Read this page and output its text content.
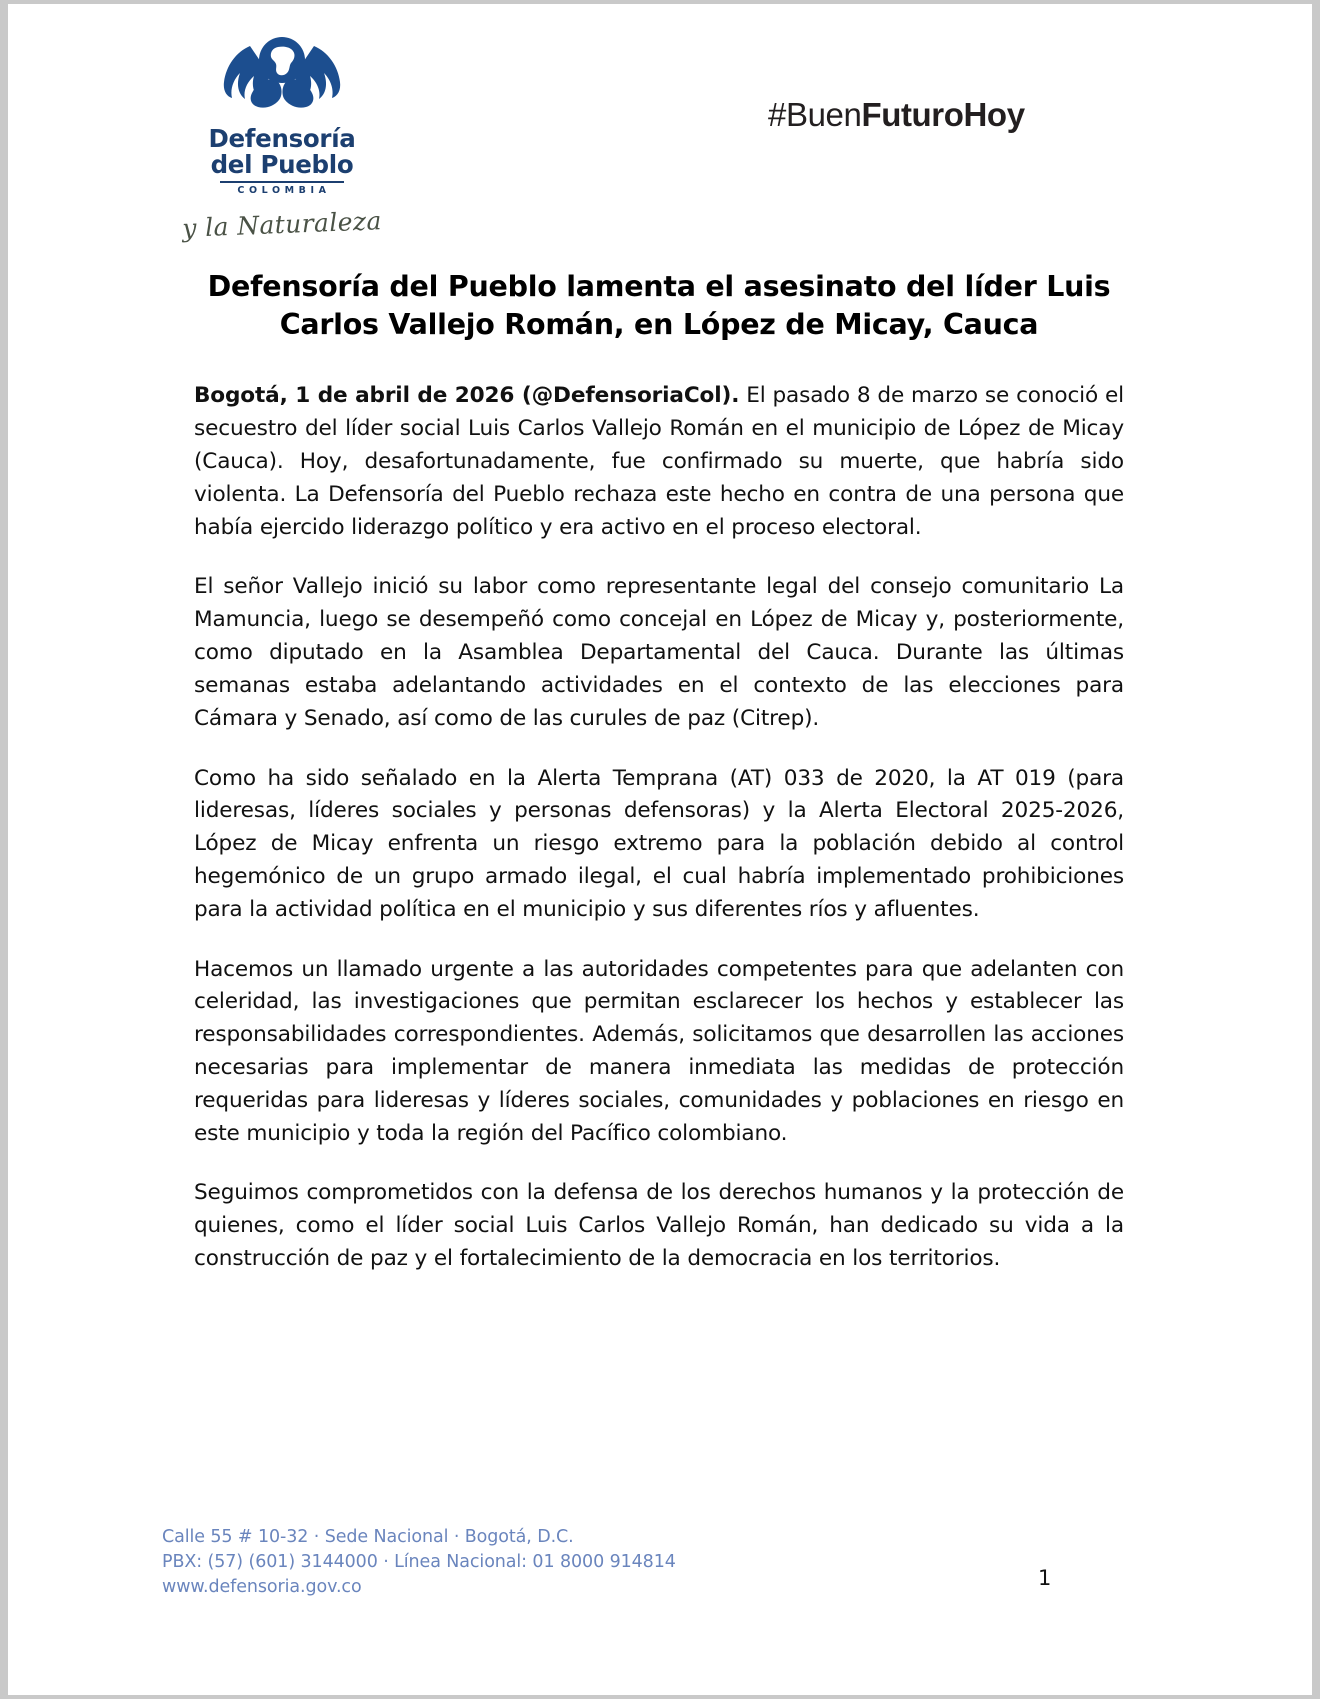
Defensoría
del Pueblo
COLOMBIA
y la Naturaleza
#BuenFuturoHoy
Defensoría del Pueblo lamenta el asesinato del líder Luis Carlos Vallejo Román, en López de Micay, Cauca

Bogotá, 1 de abril de 2026 (@DefensoriaCol). El pasado 8 de marzo se conoció el secuestro del líder social Luis Carlos Vallejo Román en el municipio de López de Micay (Cauca). Hoy, desafortunadamente, fue confirmado su muerte, que habría sido violenta. La Defensoría del Pueblo rechaza este hecho en contra de una persona que había ejercido liderazgo político y era activo en el proceso electoral.

El señor Vallejo inició su labor como representante legal del consejo comunitario La Mamuncia, luego se desempeñó como concejal en López de Micay y, posteriormente, como diputado en la Asamblea Departamental del Cauca. Durante las últimas semanas estaba adelantando actividades en el contexto de las elecciones para Cámara y Senado, así como de las curules de paz (Citrep).

Como ha sido señalado en la Alerta Temprana (AT) 033 de 2020, la AT 019 (para lideresas, líderes sociales y personas defensoras) y la Alerta Electoral 2025-2026, López de Micay enfrenta un riesgo extremo para la población debido al control hegemónico de un grupo armado ilegal, el cual habría implementado prohibiciones para la actividad política en el municipio y sus diferentes ríos y afluentes.

Hacemos un llamado urgente a las autoridades competentes para que adelanten con celeridad, las investigaciones que permitan esclarecer los hechos y establecer las responsabilidades correspondientes. Además, solicitamos que desarrollen las acciones necesarias para implementar de manera inmediata las medidas de protección requeridas para lideresas y líderes sociales, comunidades y poblaciones en riesgo en este municipio y toda la región del Pacífico colombiano.

Seguimos comprometidos con la defensa de los derechos humanos y la protección de quienes, como el líder social Luis Carlos Vallejo Román, han dedicado su vida a la construcción de paz y el fortalecimiento de la democracia en los territorios.

Calle 55 # 10-32 · Sede Nacional · Bogotá, D.C.
PBX: (57) (601) 3144000 · Línea Nacional: 01 8000 914814
www.defensoria.gov.co	1
